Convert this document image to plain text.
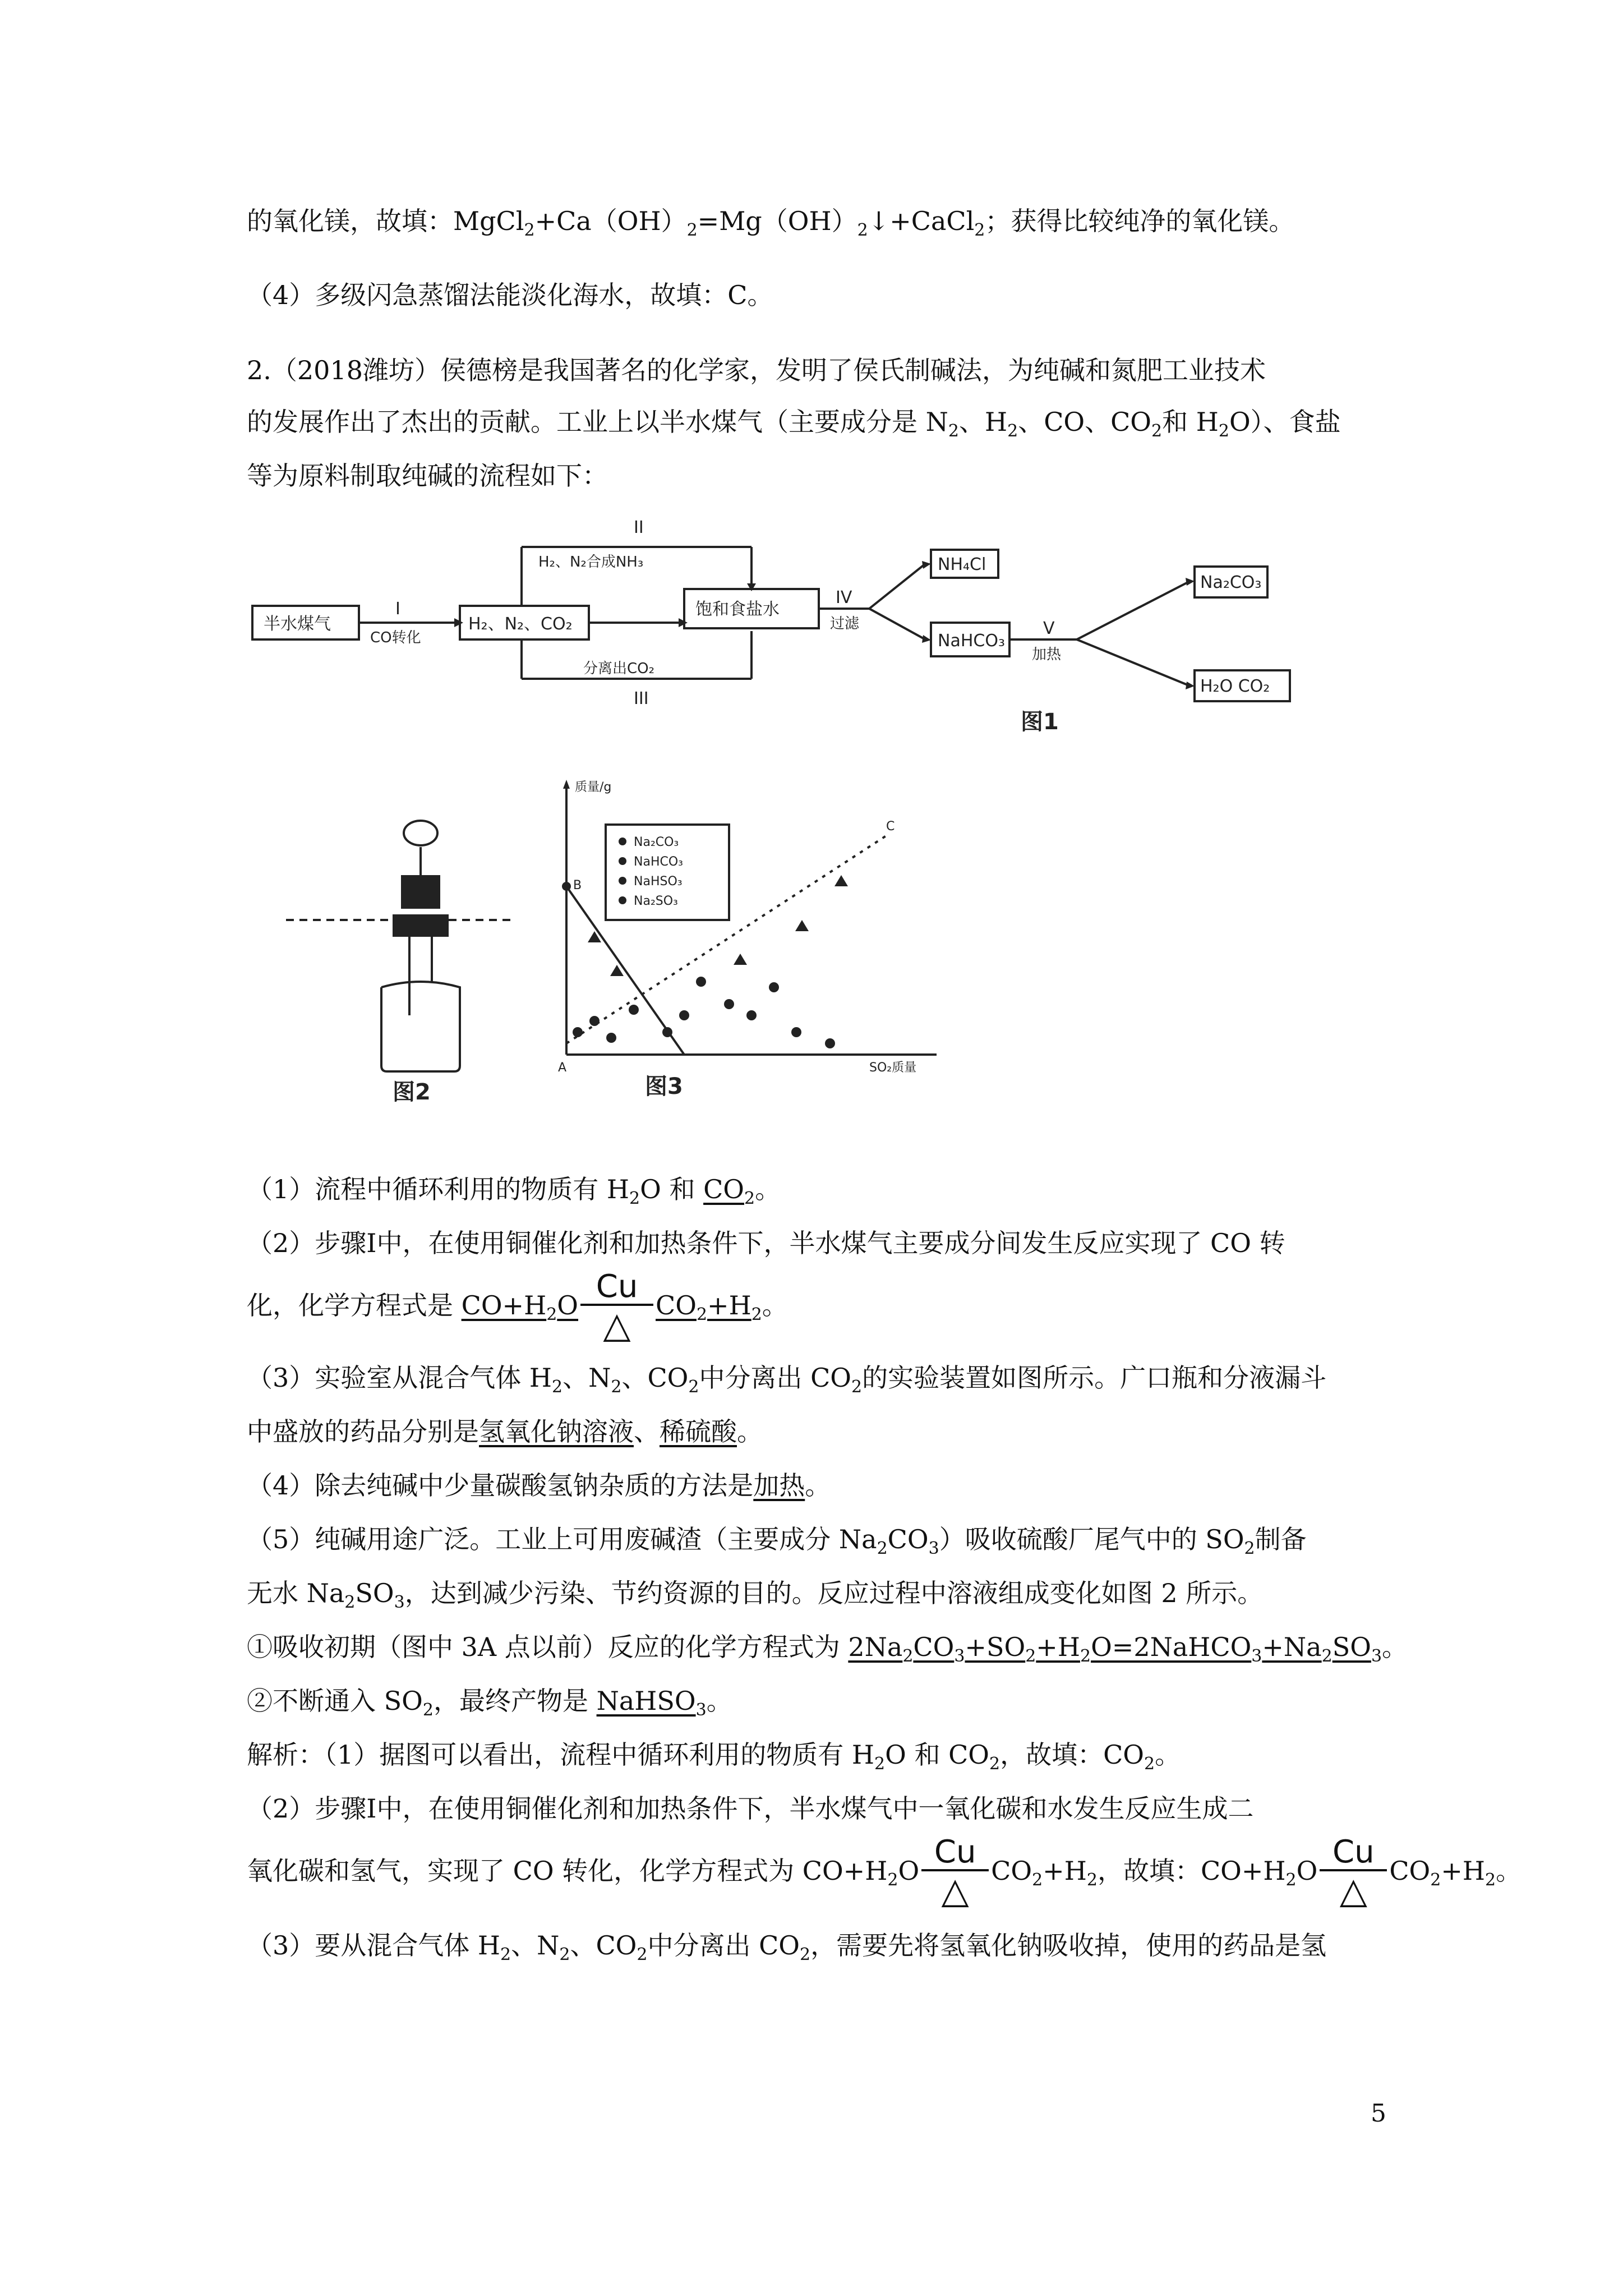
的氧化镁，故填：$MgCl_2+Ca(OH)_2=Mg(OH)_2↓+CaCl_2$；获得比较纯净的氧化镁。
（4）多级闪急蒸馏法能淡化海水，故填：C。
2.（2018潍坊）侯德榜是我国著名的化学家，发明了侯氏制碱法，为纯碱和氮肥工业技术
的发展作出了杰出的贡献。工业上以半水煤气（主要成分是 $N_2$、$H_2$、CO、$CO_2$和 $H_2O$）、食盐
等为原料制取纯碱的流程如下：
半水煤气	H₂、N₂、CO₂
饱和食盐水
NH₄Cl
NaHCO₃
Na₂CO₃
H₂O CO₂
I
CO转化
II
H₂、N₂合成NH₃
III
分离出CO₂
IV
过滤	V
加热
图1
图2
质量/g
SO₂质量
A
B
C
Na₂CO₃
NaHCO₃
NaHSO₃
Na₂SO₃
图3
（1）流程中循环利用的物质有 $H_2O$ 和 $CO_2$。
（2）步骤Ⅰ中，在使用铜催化剂和加热条件下，半水煤气主要成分间发生反应实现了 CO 转
化，化学方程式是 $CO+H_2O \frac{Cu}{\triangle} CO_2+H_2$。
（3）实验室从混合气体 $H_2$、$N_2$、$CO_2$中分离出 $CO_2$的实验装置如图所示。广口瓶和分液漏斗
中盛放的药品分别是氢氧化钠溶液、稀硫酸。
（4）除去纯碱中少量碳酸氢钠杂质的方法是加热。
（5）纯碱用途广泛。工业上可用废碱渣（主要成分 $Na_2CO_3$）吸收硫酸厂尾气中的 $SO_2$制备
无水 $Na_2SO_3$，达到减少污染、节约资源的目的。反应过程中溶液组成变化如图 2 所示。
①吸收初期（图中 3A 点以前）反应的化学方程式为 $2Na_2CO_3+SO_2+H_2O=2NaHCO_3+Na_2SO_3$。
②不断通入 $SO_2$，最终产物是 NaHSO$_3$。
解析：（1）据图可以看出，流程中循环利用的物质有 $H_2O$ 和 $CO_2$，故填：$CO_2$。
（2）步骤Ⅰ中，在使用铜催化剂和加热条件下，半水煤气中一氧化碳和水发生反应生成二
氧化碳和氢气，实现了 CO 转化，化学方程式为 $CO+H_2O \frac{Cu}{\triangle} CO_2+H_2$，故填：$CO+H_2O \frac{Cu}{\triangle} CO_2+H_2$。
（3）要从混合气体 $H_2$、$N_2$、$CO_2$中分离出 $CO_2$，需要先将氢氧化钠吸收掉，使用的药品是氢
5
